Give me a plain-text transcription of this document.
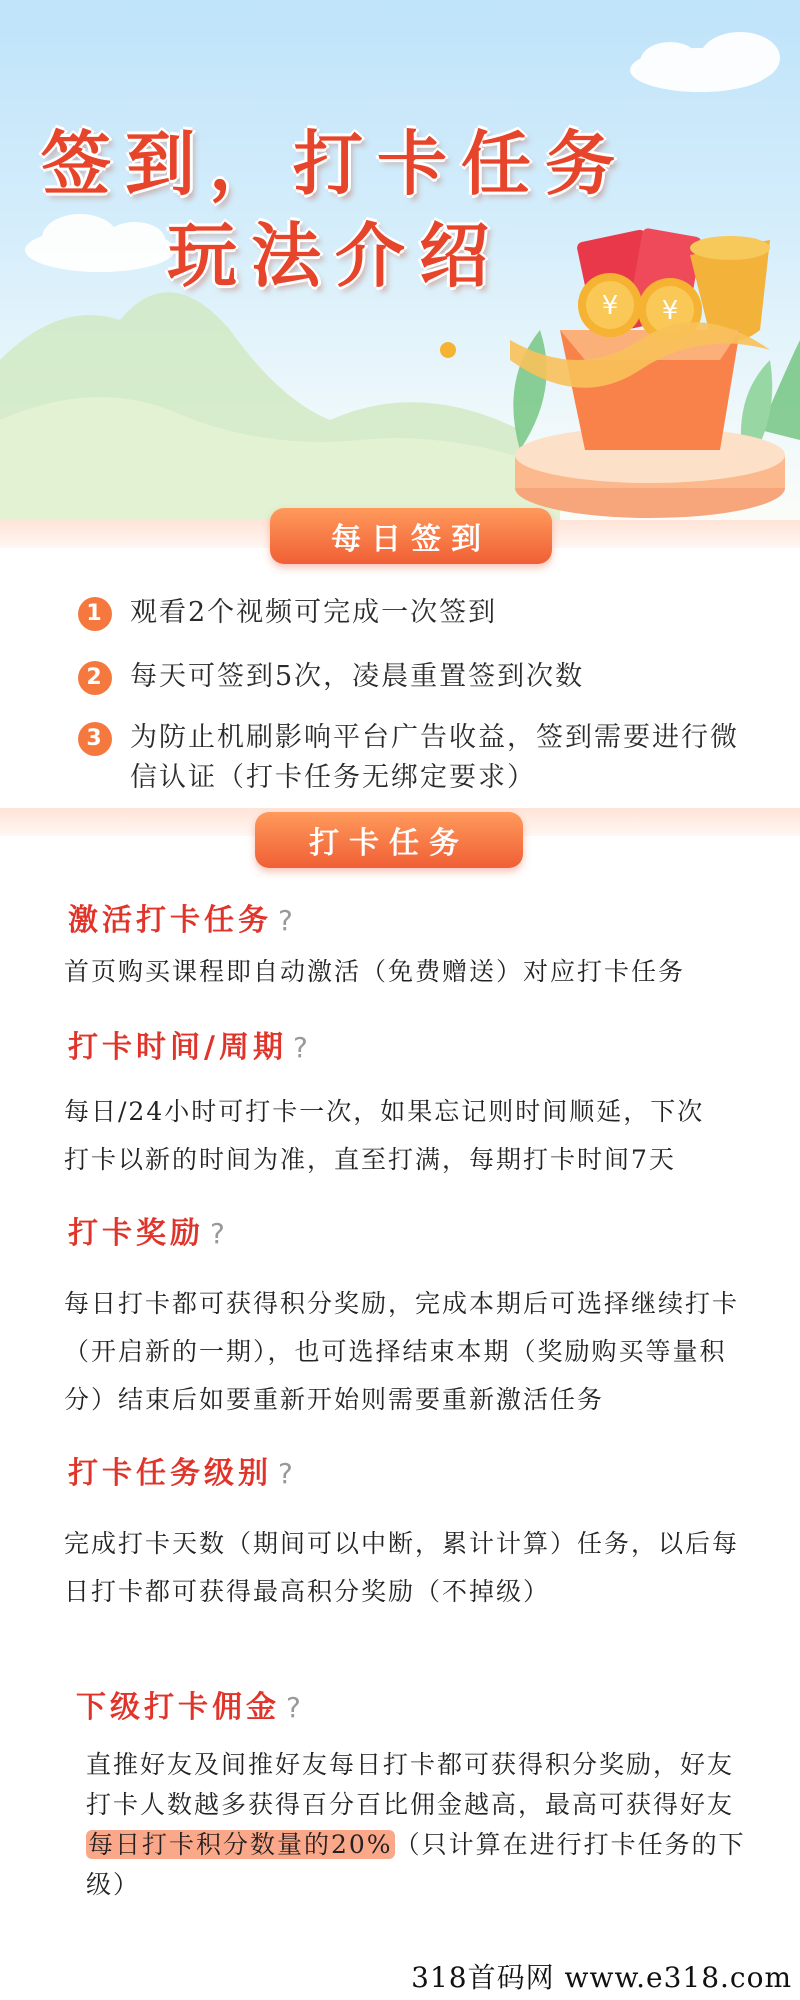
¥ ¥
签到，打卡任务
玩法介绍
每日签到
1 观看2个视频可完成一次签到
2 每天可签到5次，凌晨重置签到次数
3 为防止机刷影响平台广告收益，签到需要进行微信认证（打卡任务无绑定要求）
打卡任务
激活打卡任务 ?
首页购买课程即自动激活（免费赠送）对应打卡任务
打卡时间/周期 ?
每日/24小时可打卡一次，如果忘记则时间顺延，下次打卡以新的时间为准，直至打满，每期打卡时间7天
打卡奖励 ?
每日打卡都可获得积分奖励，完成本期后可选择继续打卡（开启新的一期），也可选择结束本期（奖励购买等量积分）结束后如要重新开始则需要重新激活任务
打卡任务级别 ?
完成打卡天数（期间可以中断，累计计算）任务，以后每日打卡都可获得最高积分奖励（不掉级）
下级打卡佣金 ?
直推好友及间推好友每日打卡都可获得积分奖励，好友打卡人数越多获得百分百比佣金越高，最高可获得好友每日打卡积分数量的20%（只计算在进行打卡任务的下级）
318首码网 www.e318.com
